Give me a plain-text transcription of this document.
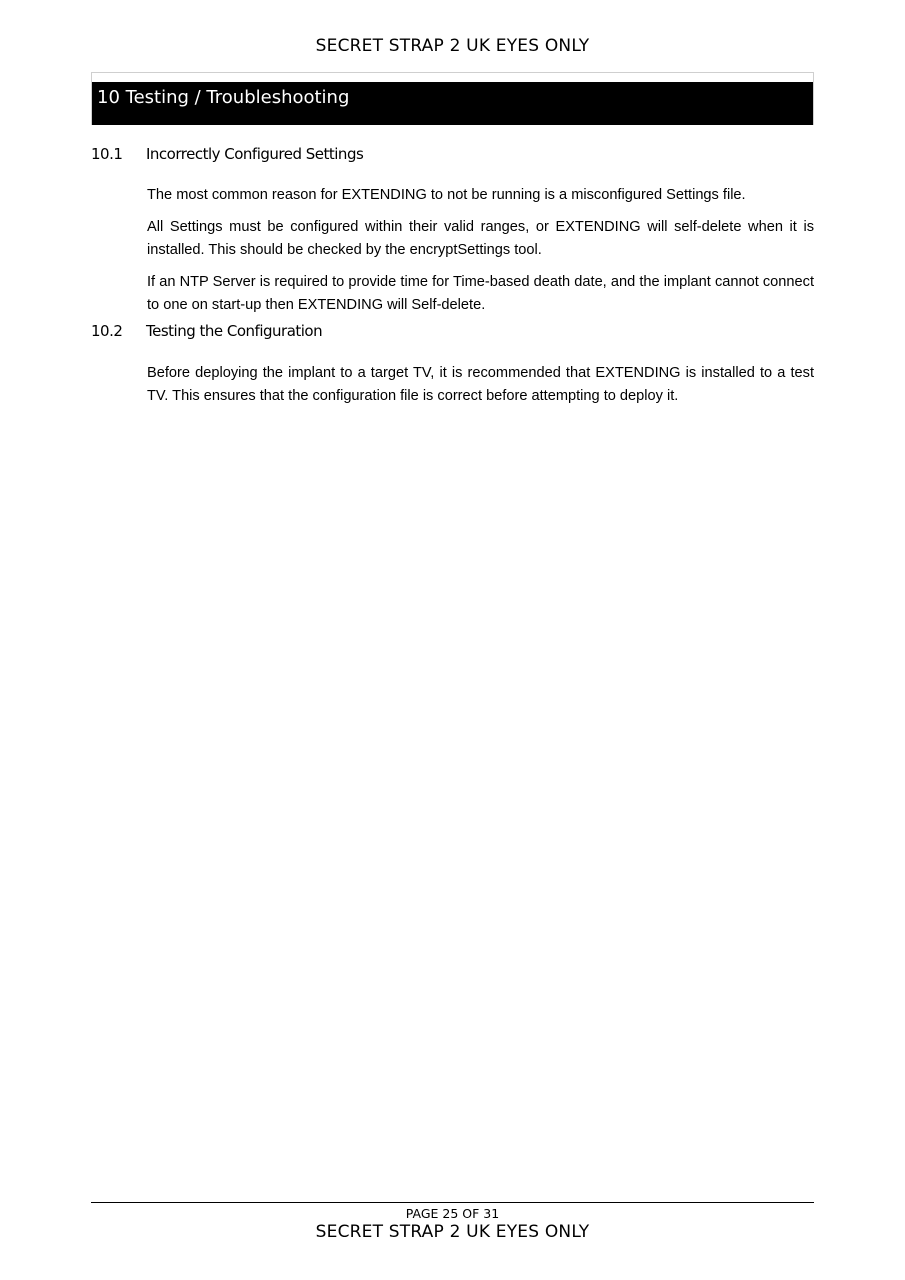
SECRET STRAP 2 UK EYES ONLY
10 Testing / Troubleshooting
10.1 Incorrectly Configured Settings

The most common reason for EXTENDING to not be running is a misconfigured Settings file.

All Settings must be configured within their valid ranges, or EXTENDING will self-delete when it is installed. This should be checked by the encryptSettings tool.

If an NTP Server is required to provide time for Time-based death date, and the implant cannot connect to one on start-up then EXTENDING will Self-delete.

10.2 Testing the Configuration

Before deploying the implant to a target TV, it is recommended that EXTENDING is installed to a test TV. This ensures that the configuration file is correct before attempting to deploy it.

PAGE 25 OF 31
SECRET STRAP 2 UK EYES ONLY
